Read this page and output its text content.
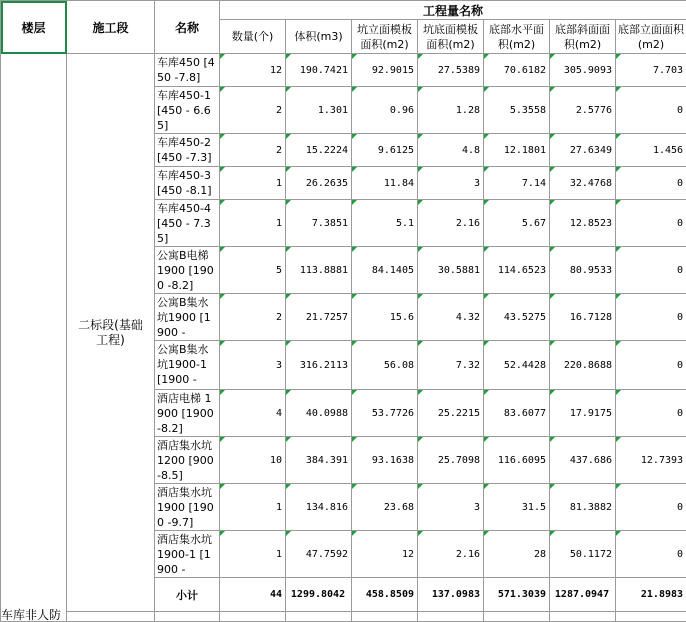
楼层	施工段	名称	工程量名称						
			数量(个)	体积(m3)	坑立面模板面积(m2)	坑底面模板面积(m2)	底部水平面积(m2)	底部斜面面积(m2)	底部立面面积(m2)

车库非人防	二标段(基础工程)	车库450 [450 -7.8]	12	190.7421	92.9015	27.5389	70.6182	305.9093	7.703
		车库450-1 [450 - 6.65]	2	1.301	0.96	1.28	5.3558	2.5776	0
		车库450-2 [450 -7.3]	2	15.2224	9.6125	4.8	12.1801	27.6349	1.456
		车库450-3 [450 -8.1]	1	26.2635	11.84	3	7.14	32.4768	0
		车库450-4 [450 - 7.35]	1	7.3851	5.1	2.16	5.67	12.8523	0
		公寓B电梯 1900 [1900 -8.2]	5	113.8881	84.1405	30.5881	114.6523	80.9533	0
		公寓B集水坑1900 [1900 -	2	21.7257	15.6	4.32	43.5275	16.7128	0
		公寓B集水坑1900-1 [1900 -	3	316.2113	56.08	7.32	52.4428	220.8688	0
		酒店电梯 1900 [1900 -8.2]	4	40.0988	53.7726	25.2215	83.6077	17.9175	0
		酒店集水坑1200 [900 -8.5]	10	384.391	93.1638	25.7098	116.6095	437.686	12.7393
		酒店集水坑1900 [1900 -9.7]	1	134.816	23.68	3	31.5	81.3882	0
		酒店集水坑1900-1 [1900 -	1	47.7592	12	2.16	28	50.1172	0
		小计	44	1299.8042	458.8509	137.0983	571.3039	1287.0947	21.8983
